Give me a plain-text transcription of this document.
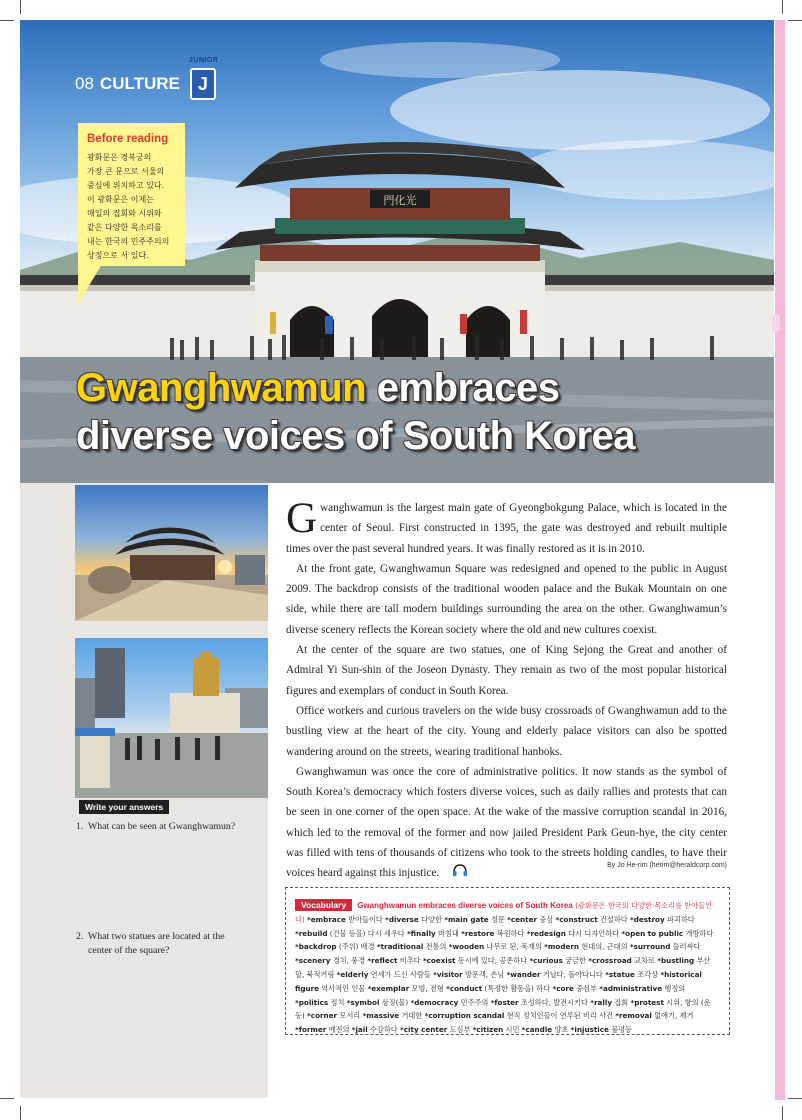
門化光
08 CULTURE
JUNIOR
J
Before reading
광화문은 경복궁의
가장 큰 문으로 서울의
중심에 위치하고 있다.
이 광화문은 이제는
매일의 집회와 시위와
같은 다양한 목소리를
내는 한국의 민주주의의
상징으로 서 있다.
Gwanghwamun embraces
diverse voices of South Korea
Write your answers
1. What can be seen at Gwanghwamun?
2. What two statues are located at the
center of the square?

Gwanghwamun is the largest main gate of Gyeongbokgung Palace, which is located in the center of Seoul. First constructed in 1395, the gate was destroyed and rebuilt multiple times over the past several hundred years. It was finally restored as it is in 2010.

At the front gate, Gwanghwamun Square was redesigned and opened to the public in August 2009. The backdrop consists of the traditional wooden palace and the Bukak Mountain on one side, while there are tall modern buildings surrounding the area on the other. Gwanghwamun’s diverse scenery reflects the Korean society where the old and new cultures coexist.

At the center of the square are two statues, one of King Sejong the Great and another of Admiral Yi Sun-shin of the Joseon Dynasty. They remain as two of the most popular historical figures and exemplars of conduct in South Korea.

Office workers and curious travelers on the wide busy crossroads of Gwanghwamun add to the bustling view at the heart of the city. Young and elderly palace visitors can also be spotted wandering around on the streets, wearing traditional hanboks.

Gwanghwamun was once the core of administrative politics. It now stands as the symbol of South Korea’s democracy which fosters diverse voices, such as daily rallies and protests that can be seen in one corner of the open space. At the wake of the massive corruption scandal in 2016, which led to the removal of the former and now jailed President Park Geun-hye, the city center was filled with tens of thousands of citizens who took to the streets holding candles, to have their voices heard against this injustice.

By Jo He-rim (herim@heraldcorp.com)
Vocabulary Gwanghwamun embraces diverse voices of South Korea (광화문은 한국의 다양한 목소리를 받아들인다) *embrace 받아들이다 *diverse 다양한 *main gate 정문 *center 중심 *construct 건설하다 *destroy 파괴하다 *rebuild (건물 등을) 다시 세우다 *finally 마침내 *restore 복원하다 *redesign 다시 디자인하다 *open to public 개방하다 *backdrop (주위) 배경 *traditional 전통의 *wooden 나무로 된, 목재의 *modern 현대의, 근대의 *surround 둘러싸다 *scenery 경치, 풍경 *reflect 비추다 *coexist 동시에 있다, 공존하다 *curious 궁금한 *crossroad 교차로 *bustling 부산할, 북적거림 *elderly 연세가 드신 사람들 *visitor 방문객, 손님 *wander 거닐다, 돌아다니다 *statue 조각상 *historical figure 역사적인 인물 *exemplar 모범, 전형 *conduct (특정한 활동을) 하다 *core 중심부 *administrative 행정의 *politics 정치 *symbol 상징(물) *democracy 민주주의 *foster 조성하다, 발전시키다 *rally 집회 *protest 시위, 항의 (운동) *corner 모서리 *massive 거대한 *corruption scandal 현직 정치인들이 연루된 비리 사건 *removal 없애기, 제거 *former 예전의 *jail 수감하다 *city center 도심부 *citizen 시민 *candle 양초 *injustice 불평등
